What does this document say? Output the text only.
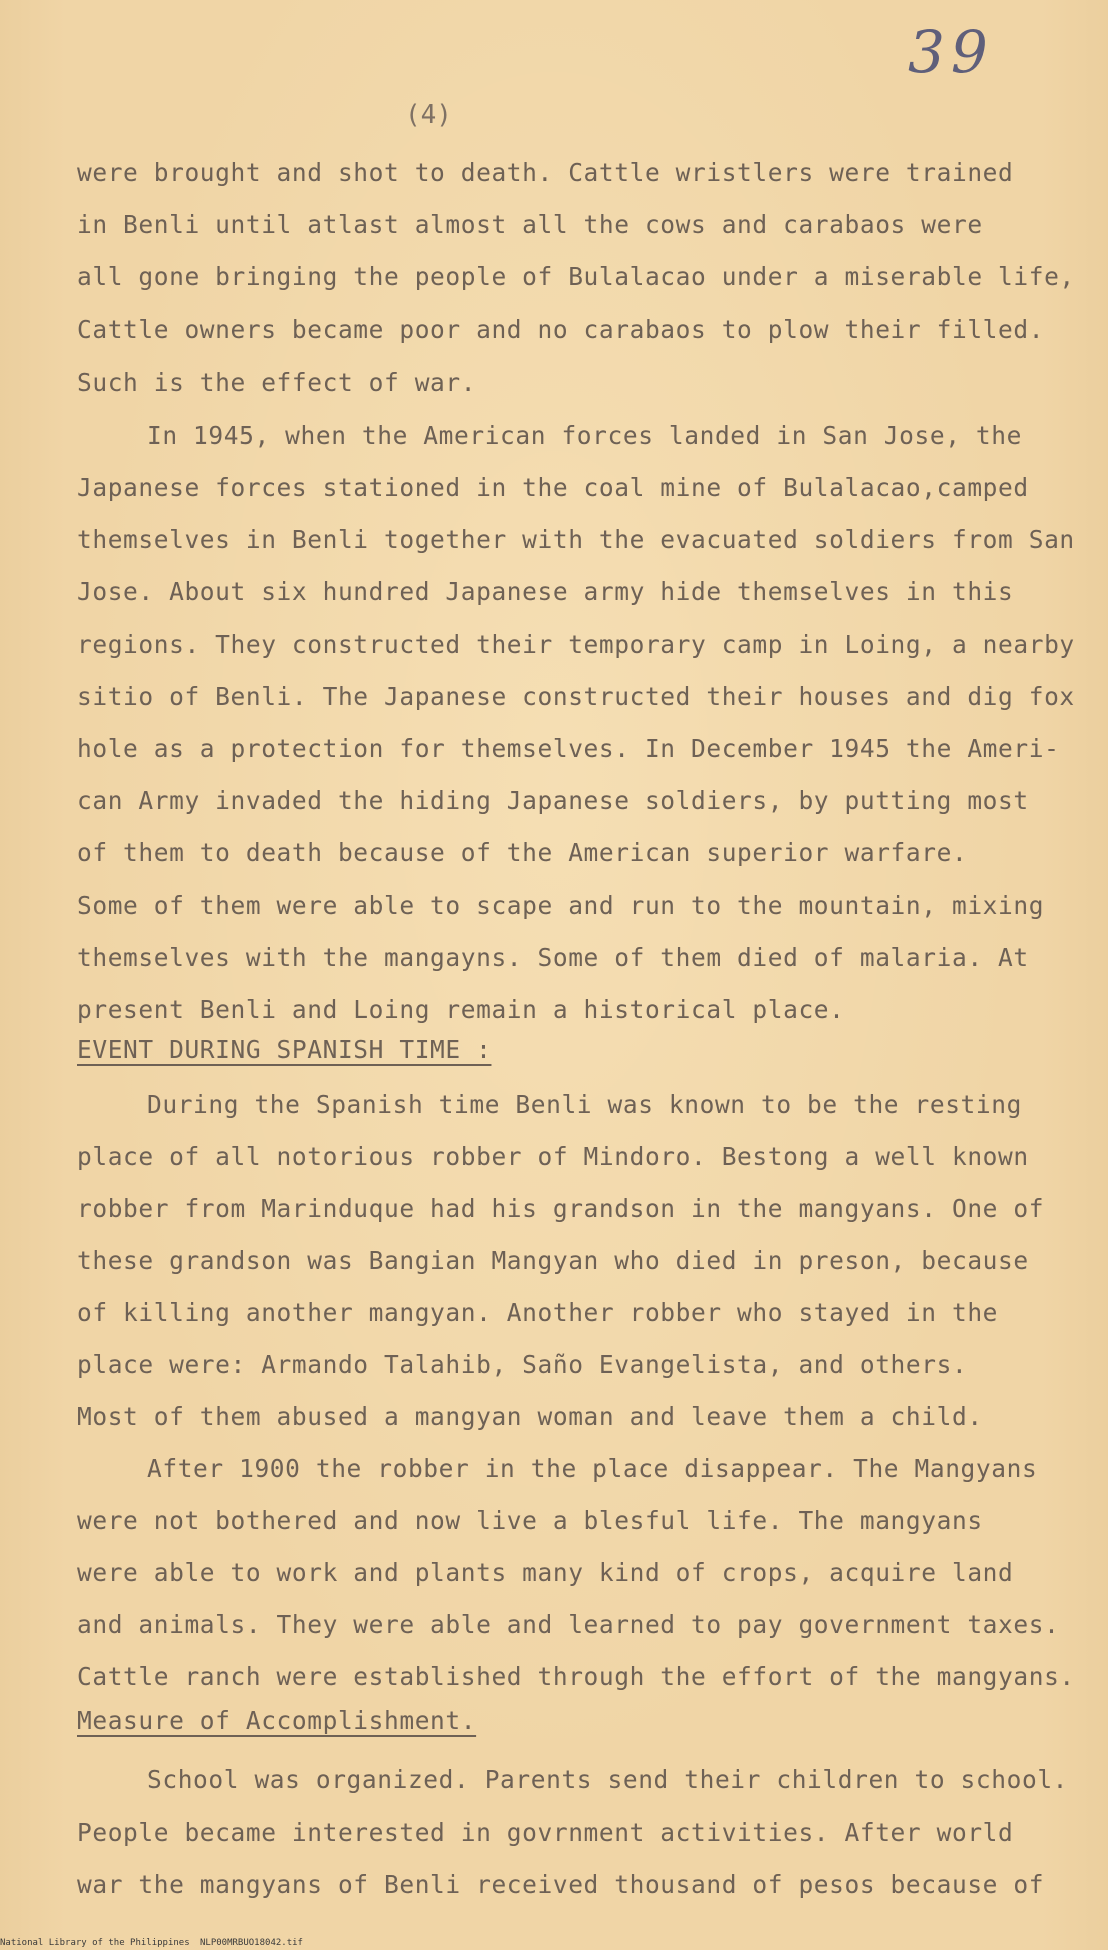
39
(4)
were brought and shot to death. Cattle wristlers were trained
in Benli until atlast almost all the cows and carabaos were
all gone bringing the people of Bulalacao under a miserable life,
Cattle owners became poor and no carabaos to plow their filled.
Such is the effect of war.
In 1945, when the American forces landed in San Jose, the
Japanese forces stationed in the coal mine of Bulalacao,camped
themselves in Benli together with the evacuated soldiers from San
Jose. About six hundred Japanese army hide themselves in this
regions. They constructed their temporary camp in Loing, a nearby
sitio of Benli. The Japanese constructed their houses and dig fox
hole as a protection for themselves. In December 1945 the Ameri-
can Army invaded the hiding Japanese soldiers, by putting most
of them to death because of the American superior warfare.
Some of them were able to scape and run to the mountain, mixing
themselves with the mangayns. Some of them died of malaria. At
present Benli and Loing remain a historical place.
EVENT DURING SPANISH TIME :
During the Spanish time Benli was known to be the resting
place of all notorious robber of Mindoro. Bestong a well known
robber from Marinduque had his grandson in the mangyans. One of
these grandson was Bangian Mangyan who died in preson, because
of killing another mangyan. Another robber who stayed in the
place were: Armando Talahib, Saño Evangelista, and others.
Most of them abused a mangyan woman and leave them a child.
After 1900 the robber in the place disappear. The Mangyans
were not bothered and now live a blesful life. The mangyans
were able to work and plants many kind of crops, acquire land
and animals. They were able and learned to pay government taxes.
Cattle ranch were established through the effort of the mangyans.
Measure of Accomplishment.
School was organized. Parents send their children to school.
People became interested in govrnment activities. After world
war the mangyans of Benli received thousand of pesos because of
National Library of the Philippines NLP00MRBUO18042.tif
